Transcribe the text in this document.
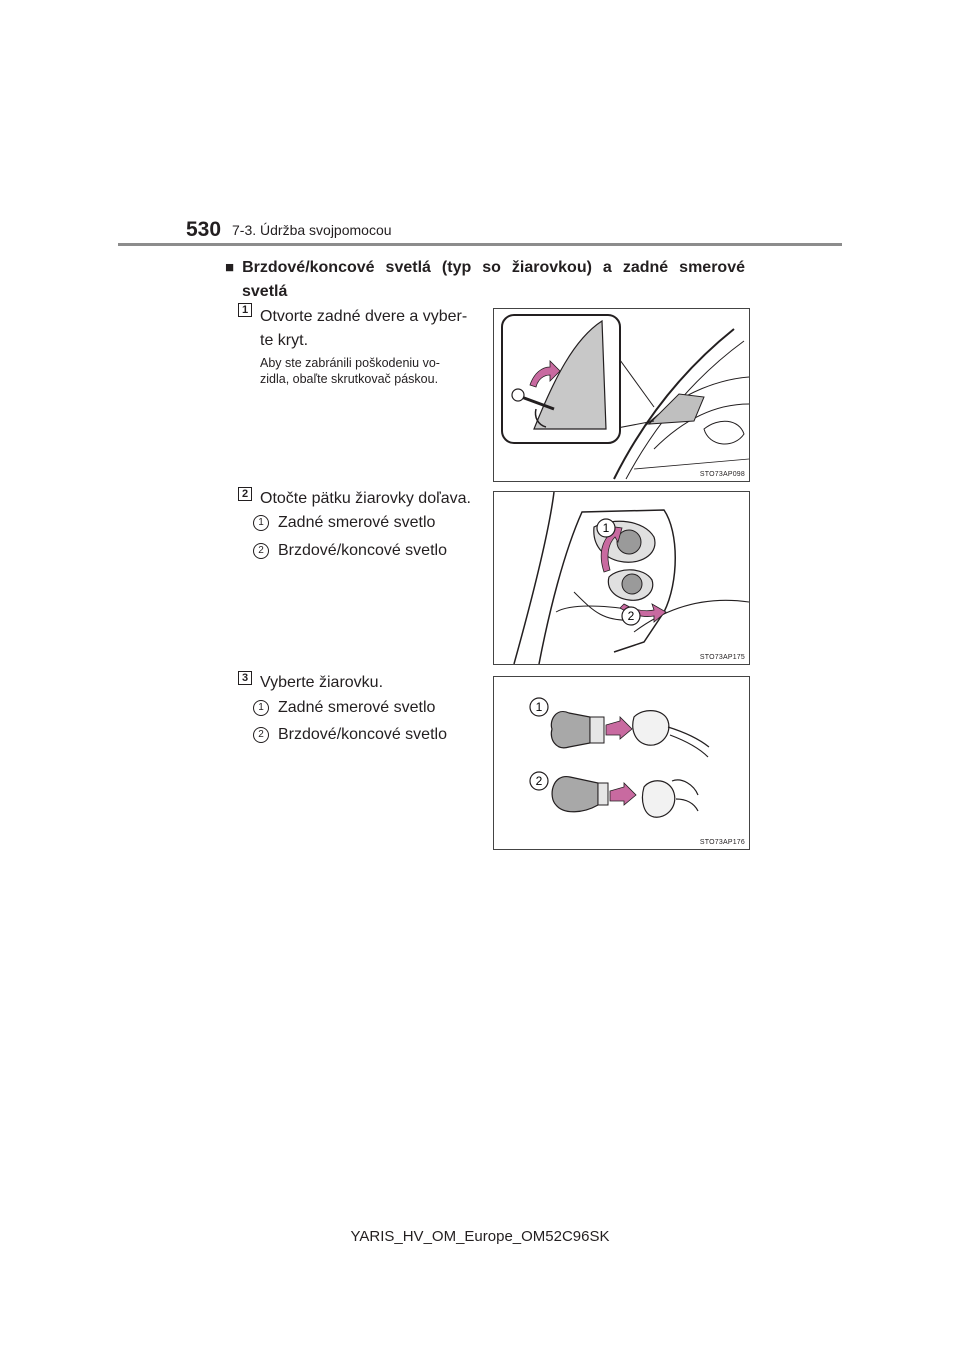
530 7-3. Údržba svojpomocou
■ Brzdové/koncové svetlá (typ so žiarovkou) a zadné smerové
svetlá
1 Otvorte zadné dvere a vyber-
te kryt.
Aby ste zabránili poškodeniu vo-
zidla, obaľte skrutkovač páskou.
STO73AP098
2 Otočte pätku žiarovky doľava.
1 Zadné smerové svetlo
2 Brzdové/koncové svetlo
1
2
STO73AP175
3 Vyberte žiarovku.
1 Zadné smerové svetlo
2 Brzdové/koncové svetlo
1
2
STO73AP176
YARIS_HV_OM_Europe_OM52C96SK
